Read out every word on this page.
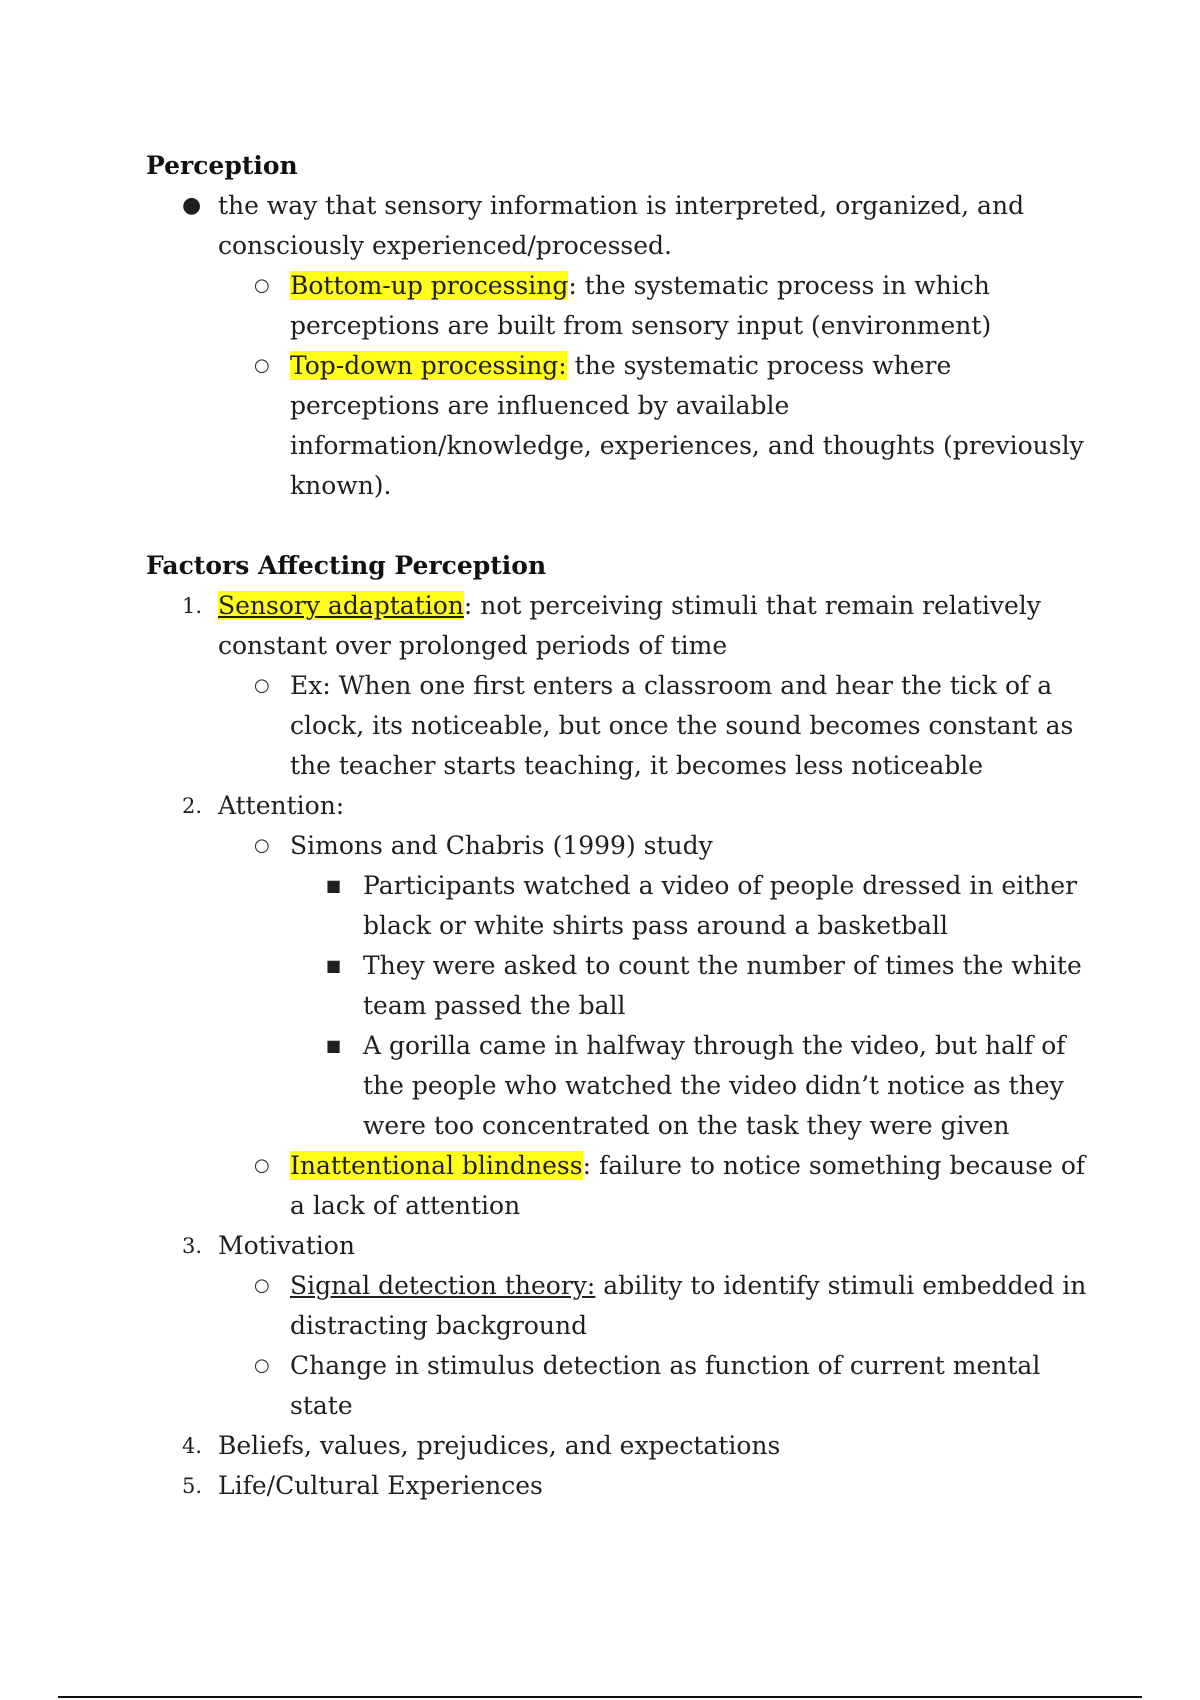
Perception
● the way that sensory information is interpreted, organized, and consciously experienced/processed.
○ Bottom-up processing: the systematic process in which perceptions are built from sensory input (environment)
○ Top-down processing: the systematic process where perceptions are influenced by available information/knowledge, experiences, and thoughts (previously known).
Factors Affecting Perception
1. Sensory adaptation: not perceiving stimuli that remain relatively constant over prolonged periods of time
○ Ex: When one first enters a classroom and hear the tick of a clock, its noticeable, but once the sound becomes constant as the teacher starts teaching, it becomes less noticeable
2. Attention:
○ Simons and Chabris (1999) study
■ Participants watched a video of people dressed in either black or white shirts pass around a basketball
■ They were asked to count the number of times the white team passed the ball
■ A gorilla came in halfway through the video, but half of the people who watched the video didn’t notice as they were too concentrated on the task they were given
○ Inattentional blindness: failure to notice something because of a lack of attention
3. Motivation
○ Signal detection theory: ability to identify stimuli embedded in distracting background
○ Change in stimulus detection as function of current mental state
4. Beliefs, values, prejudices, and expectations
5. Life/Cultural Experiences
